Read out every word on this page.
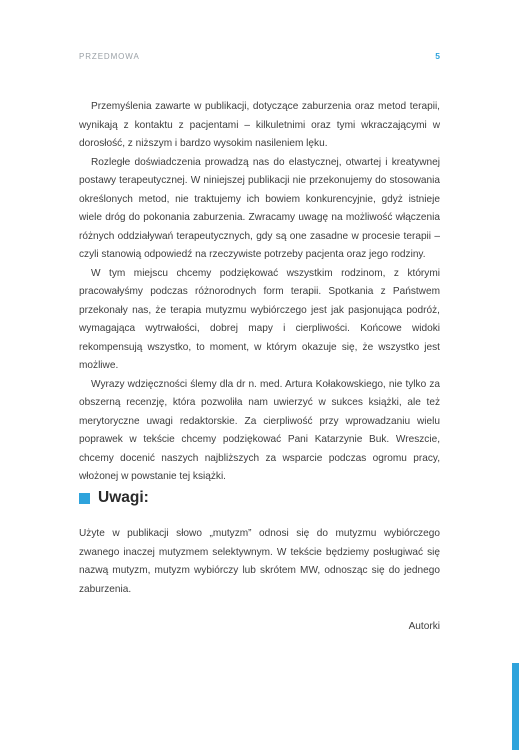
PRZEDMOWA	5

Przemyślenia zawarte w publikacji, dotyczące zaburzenia oraz metod terapii, wynikają z kontaktu z pacjentami – kilkuletnimi oraz tymi wkraczającymi w dorosłość, z niższym i bardzo wysokim nasileniem lęku.

Rozległe doświadczenia prowadzą nas do elastycznej, otwartej i kreatywnej postawy terapeutycznej. W niniejszej publikacji nie przekonujemy do stosowania określonych metod, nie traktujemy ich bowiem konkurencyjnie, gdyż istnieje wiele dróg do pokonania zaburzenia. Zwracamy uwagę na możliwość włączenia różnych oddziaływań terapeutycznych, gdy są one zasadne w procesie terapii – czyli stanowią odpowiedź na rzeczywiste potrzeby pacjenta oraz jego rodziny.

W tym miejscu chcemy podziękować wszystkim rodzinom, z którymi pracowałyśmy podczas różnorodnych form terapii. Spotkania z Państwem przekonały nas, że terapia mutyzmu wybiórczego jest jak pasjonująca podróż, wymagająca wytrwałości, dobrej mapy i cierpliwości. Końcowe widoki rekompensują wszystko, to moment, w którym okazuje się, że wszystko jest możliwe.

Wyrazy wdzięczności ślemy dla dr n. med. Artura Kołakowskiego, nie tylko za obszerną recenzję, która pozwoliła nam uwierzyć w sukces książki, ale też merytoryczne uwagi redaktorskie. Za cierpliwość przy wprowadzaniu wielu poprawek w tekście chcemy podziękować Pani Katarzynie Buk. Wreszcie, chcemy docenić naszych najbliższych za wsparcie podczas ogromu pracy, włożonej w powstanie tej książki.

Uwagi:

Użyte w publikacji słowo „mutyzm” odnosi się do mutyzmu wybiórczego zwanego inaczej mutyzmem selektywnym. W tekście będziemy posługiwać się nazwą mutyzm, mutyzm wybiórczy lub skrótem MW, odnosząc się do jednego zaburzenia.

Autorki
